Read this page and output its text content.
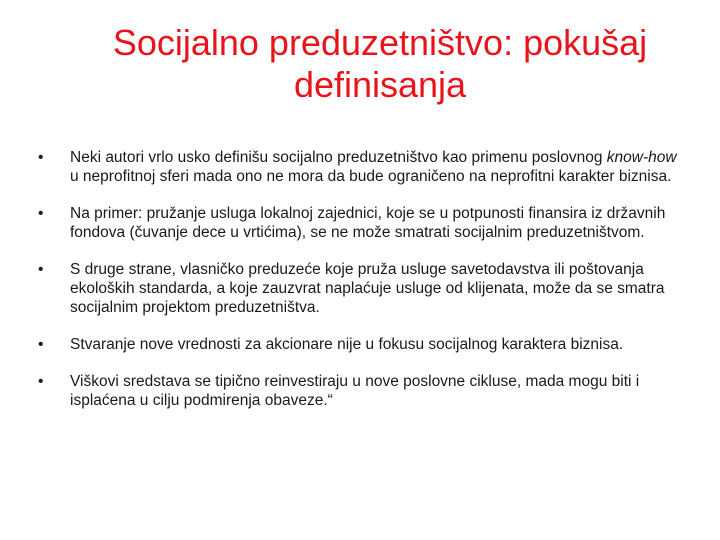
Socijalno preduzetništvo: pokušaj
definisanja
•	Neki autori vrlo usko definišu socijalno preduzetništvo kao primenu poslovnog know-how u neprofitnoj sferi mada ono ne mora da bude ograničeno na neprofitni karakter biznisa.
•	Na primer: pružanje usluga lokalnoj zajednici, koje se u potpunosti finansira iz državnih fondova (čuvanje dece u vrtićima), se ne može smatrati socijalnim preduzetništvom.
•	S druge strane, vlasničko preduzeće koje pruža usluge savetodavstva ili poštovanja ekoloških standarda, a koje zauzvrat naplaćuje usluge od klijenata, može da se smatra socijalnim projektom preduzetništva.
•	Stvaranje nove vrednosti za akcionare nije u fokusu socijalnog karaktera biznisa.
•	Viškovi sredstava se tipično reinvestiraju u nove poslovne cikluse, mada mogu biti i isplaćena u cilju podmirenja obaveze.“
